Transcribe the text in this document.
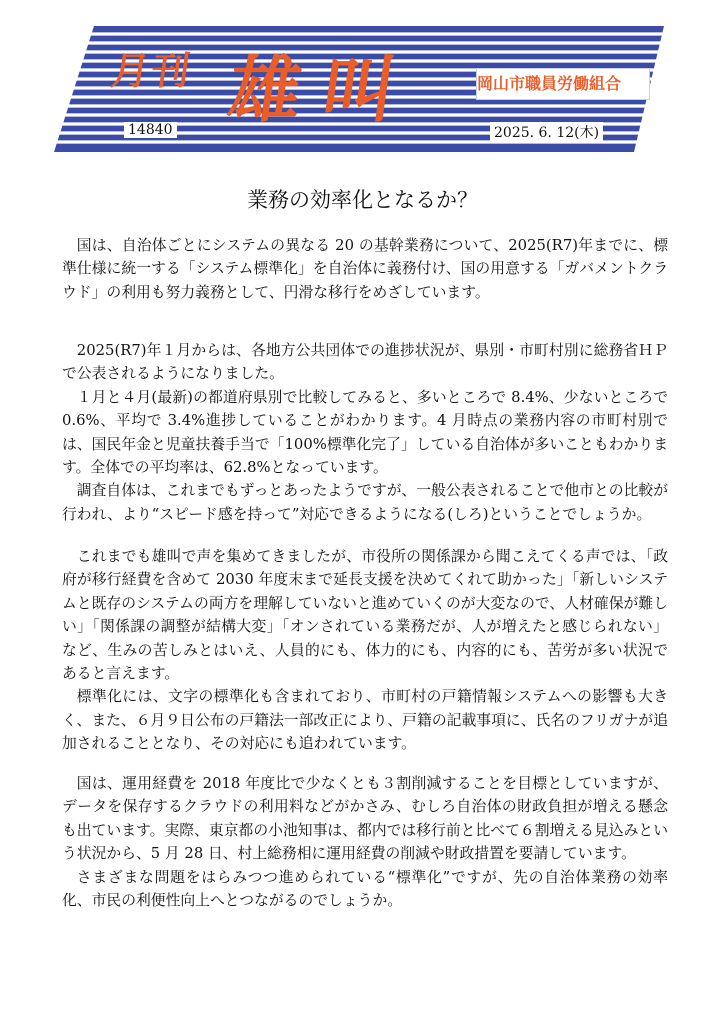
月刊 雄叫	岡山市職員労働組合
14840	2025. 6. 12(木)
業務の効率化となるか？

国は、自治体ごとにシステムの異なる 20 の基幹業務について、2025(R7)年までに、標準仕様に統一する「システム標準化」を自治体に義務付け、国の用意する「ガバメントクラウド」の利用も努力義務として、円滑な移行をめざしています。

2025(R7)年１月からは、各地方公共団体での進捗状況が、県別・市町村別に総務省ＨＰで公表されるようになりました。

１月と４月(最新)の都道府県別で比較してみると、多いところで 8.4%、少ないところで 0.6%、平均で 3.4%進捗していることがわかります。4 月時点の業務内容の市町村別では、国民年金と児童扶養手当で「100%標準化完了」している自治体が多いこともわかります。全体での平均率は、62.8%となっています。

調査自体は、これまでもずっとあったようですが、一般公表されることで他市との比較が行われ、より“スピード感を持って”対応できるようになる(しろ)ということでしょうか。

これまでも雄叫で声を集めてきましたが、市役所の関係課から聞こえてくる声では、「政府が移行経費を含めて 2030 年度末まで延長支援を決めてくれて助かった」「新しいシステムと既存のシステムの両方を理解していないと進めていくのが大変なので、人材確保が難しい」「関係課の調整が結構大変」「オンされている業務だが、人が増えたと感じられない」など、生みの苦しみとはいえ、人員的にも、体力的にも、内容的にも、苦労が多い状況であると言えます。

標準化には、文字の標準化も含まれており、市町村の戸籍情報システムへの影響も大きく、また、６月９日公布の戸籍法一部改正により、戸籍の記載事項に、氏名のフリガナが追加されることとなり、その対応にも追われています。

国は、運用経費を 2018 年度比で少なくとも３割削減することを目標としていますが、データを保存するクラウドの利用料などがかさみ、むしろ自治体の財政負担が増える懸念も出ています。実際、東京都の小池知事は、都内では移行前と比べて６割増える見込みという状況から、5 月 28 日、村上総務相に運用経費の削減や財政措置を要請しています。

さまざまな問題をはらみつつ進められている“標準化”ですが、先の自治体業務の効率化、市民の利便性向上へとつながるのでしょうか。
